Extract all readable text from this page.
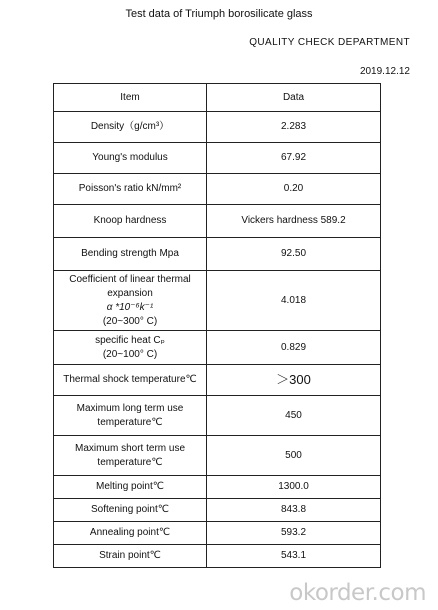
Test data of Triumph borosilicate glass
QUALITY CHECK DEPARTMENT
2019.12.12
Item	Data
Density（g/cm³）	2.283
Young's modulus	67.92
Poisson's ratio kN/mm²	0.20
Knoop hardness	Vickers hardness 589.2
Bending strength Mpa	92.50

Coefficient of linear thermal
expansion
α *10⁻⁶k⁻¹
(20~300° C)	4.018

specific heat Cₚ
(20~100° C)	0.829
Thermal shock temperature℃	＞300

Maximum long term use
temperature℃	450

Maximum short term use
temperature℃	500
Melting point℃	1300.0
Softening point℃	843.8
Annealing point℃	593.2
Strain point℃	543.1
okorder.com
